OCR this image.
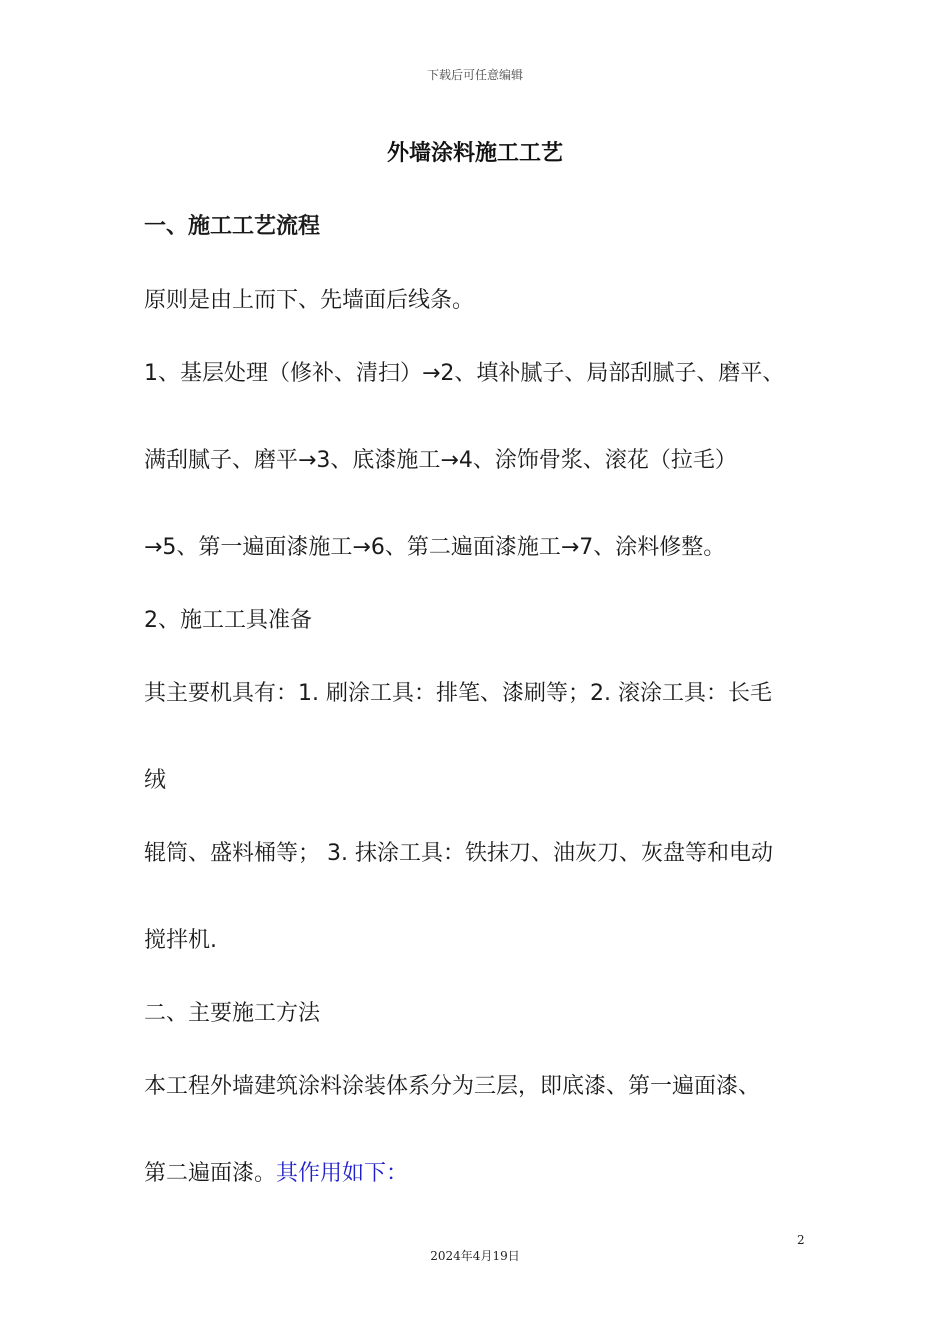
下载后可任意编辑
外墙涂料施工工艺
一、施工工艺流程
原则是由上而下、先墙面后线条。
1、基层处理（修补、清扫）→2、填补腻子、局部刮腻子、磨平、
满刮腻子、磨平→3、底漆施工→4、涂饰骨浆、滚花（拉毛）
→5、第一遍面漆施工→6、第二遍面漆施工→7、涂料修整。
2、施工工具准备
其主要机具有：1. 刷涂工具：排笔、漆刷等；2. 滚涂工具：长毛
绒
辊筒、盛料桶等； 3. 抹涂工具：铁抹刀、油灰刀、灰盘等和电动
搅拌机.
二、主要施工方法
本工程外墙建筑涂料涂装体系分为三层，即底漆、第一遍面漆、
第二遍面漆。其作用如下：
2
2024年4月19日
